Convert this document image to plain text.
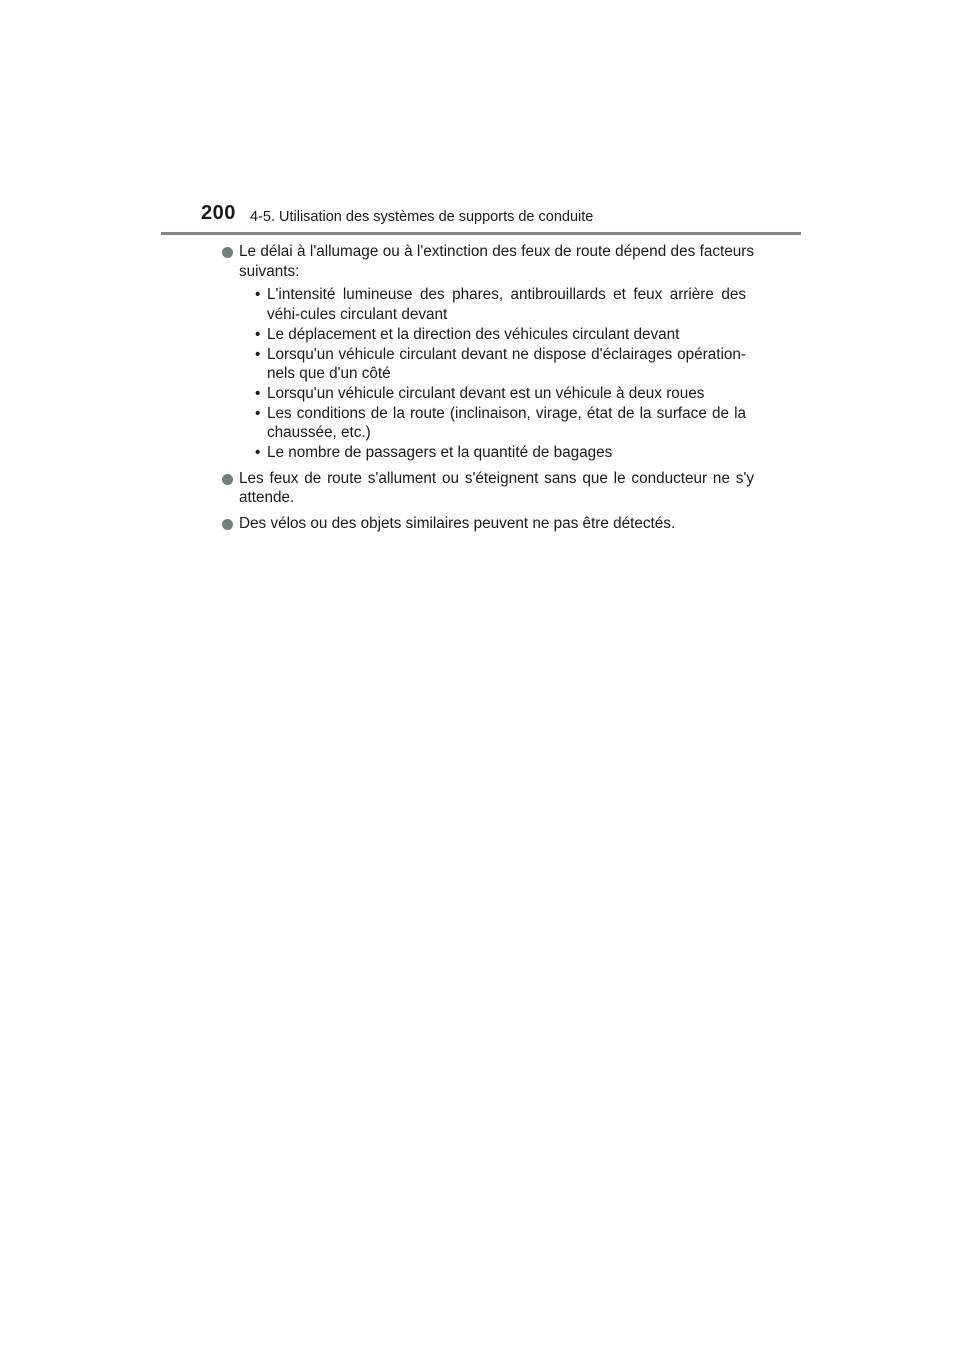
200 4-5. Utilisation des systèmes de supports de conduite
Le délai à l'allumage ou à l'extinction des feux de route dépend des facteurs suivants:
• L'intensité lumineuse des phares, antibrouillards et feux arrière des véhi-cules circulant devant
• Le déplacement et la direction des véhicules circulant devant
• Lorsqu'un véhicule circulant devant ne dispose d'éclairages opération-nels que d'un côté
• Lorsqu'un véhicule circulant devant est un véhicule à deux roues
• Les conditions de la route (inclinaison, virage, état de la surface de la chaussée, etc.)
• Le nombre de passagers et la quantité de bagages
Les feux de route s'allument ou s'éteignent sans que le conducteur ne s'y attende.
Des vélos ou des objets similaires peuvent ne pas être détectés.
